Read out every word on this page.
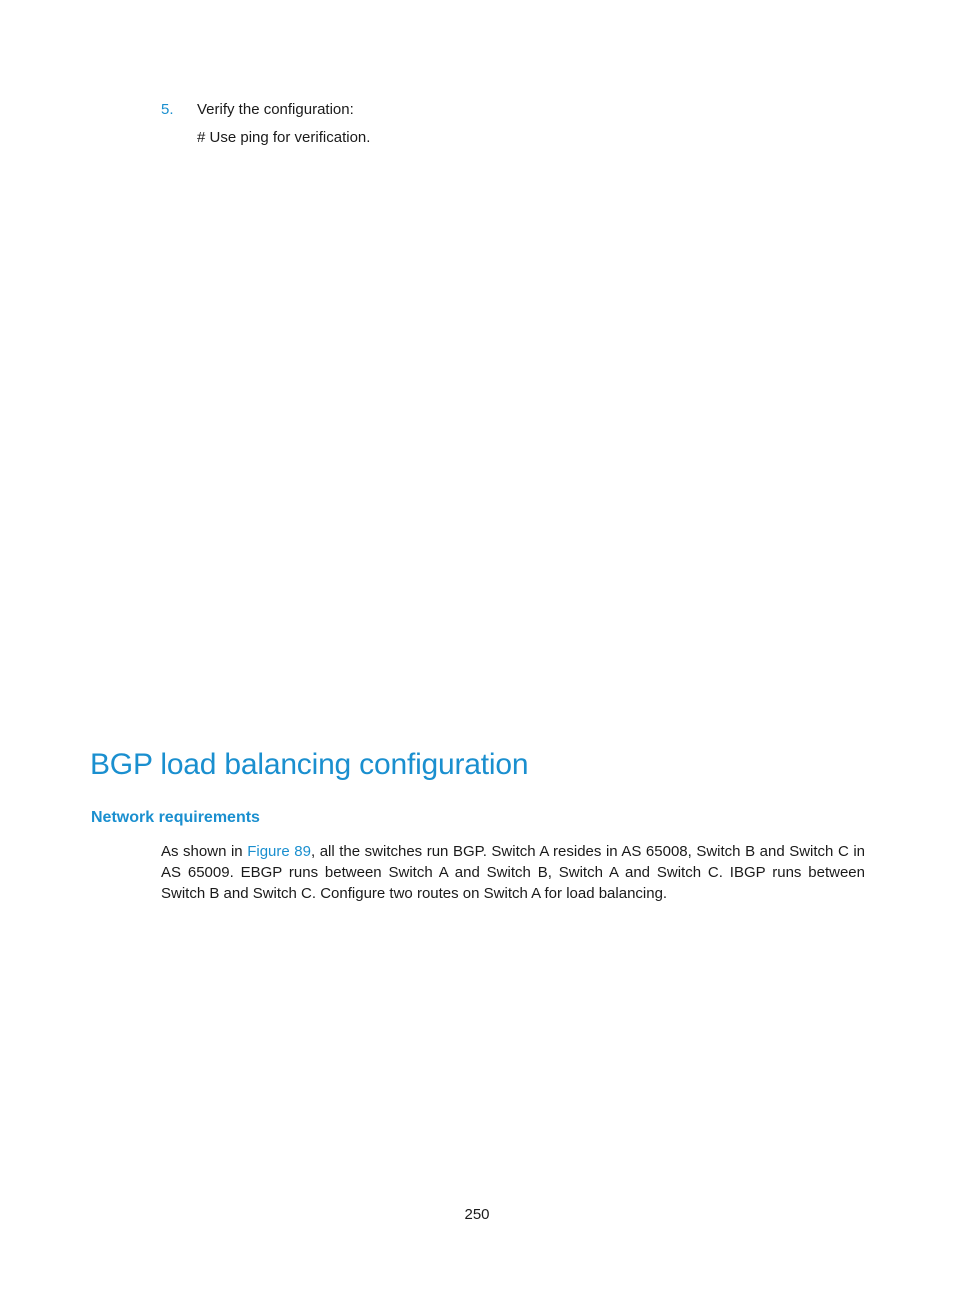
5. Verify the configuration:
# Use ping for verification.
BGP load balancing configuration
Network requirements

As shown in Figure 89, all the switches run BGP. Switch A resides in AS 65008, Switch B and Switch C in AS 65009. EBGP runs between Switch A and Switch B, Switch A and Switch C. IBGP runs between Switch B and Switch C. Configure two routes on Switch A for load balancing.

250
